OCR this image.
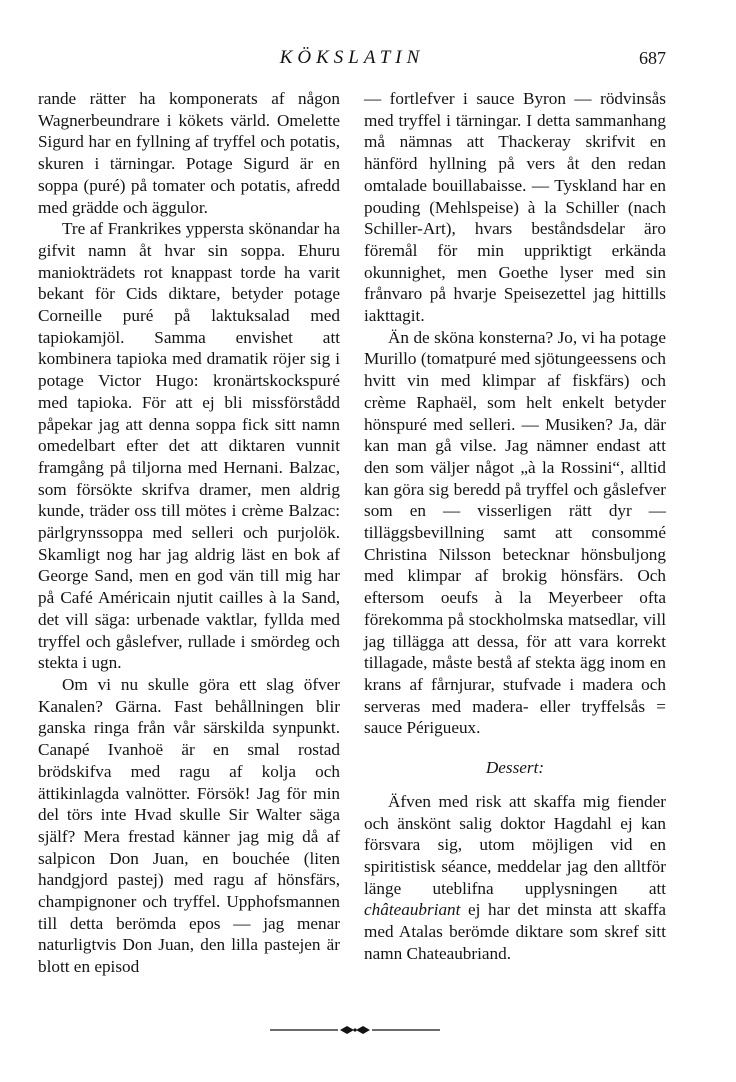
KÖKSLATIN	687

rande rätter ha komponerats af någon Wagnerbeundrare i kökets värld. Omelette Sigurd har en fyllning af tryffel och potatis, skuren i tärningar. Potage Sigurd är en soppa (puré) på tomater och potatis, afredd med grädde och äggulor.

Tre af Frankrikes yppersta skönandar ha gifvit namn åt hvar sin soppa. Ehuru maniokträdets rot knappast torde ha varit bekant för Cids diktare, betyder potage Corneille puré på laktuksalad med tapiokamjöl. Samma envishet att kombinera tapioka med dramatik röjer sig i potage Victor Hugo: kronärtskockspuré med tapioka. För att ej bli missförstådd påpekar jag att denna soppa fick sitt namn omedelbart efter det att diktaren vunnit framgång på tiljorna med Hernani. Balzac, som försökte skrifva dramer, men aldrig kunde, träder oss till mötes i crème Balzac: pärlgrynssoppa med selleri och purjolök. Skamligt nog har jag aldrig läst en bok af George Sand, men en god vän till mig har på Café Américain njutit cailles à la Sand, det vill säga: urbenade vaktlar, fyllda med tryffel och gåslefver, rullade i smördeg och stekta i ugn.

Om vi nu skulle göra ett slag öfver Kanalen? Gärna. Fast behållningen blir ganska ringa från vår särskilda synpunkt. Canapé Ivanhoë är en smal rostad brödskifva med ragu af kolja och ättikinlagda valnötter. Försök! Jag för min del törs inte Hvad skulle Sir Walter säga själf? Mera frestad känner jag mig då af salpicon Don Juan, en bouchée (liten handgjord pastej) med ragu af hönsfärs, champignoner och tryffel. Upphofsmannen till detta berömda epos — jag menar naturligtvis Don Juan, den lilla pastejen är blott en episod

— fortlefver i sauce Byron — rödvinsås med tryffel i tärningar. I detta sammanhang må nämnas att Thackeray skrifvit en hänförd hyllning på vers åt den redan omtalade bouillabaisse. — Tyskland har en pouding (Mehlspeise) à la Schiller (nach Schiller-Art), hvars beståndsdelar äro föremål för min uppriktigt erkända okunnighet, men Goethe lyser med sin frånvaro på hvarje Speisezettel jag hittills iakttagit.

Än de sköna konsterna? Jo, vi ha potage Murillo (tomatpuré med sjötungeessens och hvitt vin med klimpar af fiskfärs) och crème Raphaël, som helt enkelt betyder hönspuré med selleri. — Musiken? Ja, där kan man gå vilse. Jag nämner endast att den som väljer något „à la Rossini“, alltid kan göra sig beredd på tryffel och gåslefver som en — visserligen rätt dyr — tilläggsbevillning samt att consommé Christina Nilsson betecknar hönsbuljong med klimpar af brokig hönsfärs. Och eftersom oeufs à la Meyerbeer ofta förekomma på stockholmska matsedlar, vill jag tillägga att dessa, för att vara korrekt tillagade, måste bestå af stekta ägg inom en krans af fårnjurar, stufvade i madera och serveras med madera- eller tryffelsås = sauce Périgueux.

Dessert:

Äfven med risk att skaffa mig fiender och änskönt salig doktor Hagdahl ej kan försvara sig, utom möjligen vid en spiritistisk séance, meddelar jag den alltför länge uteblifna upplysningen att châteaubriant ej har det minsta att skaffa med Atalas berömde diktare som skref sitt namn Chateaubriand.
